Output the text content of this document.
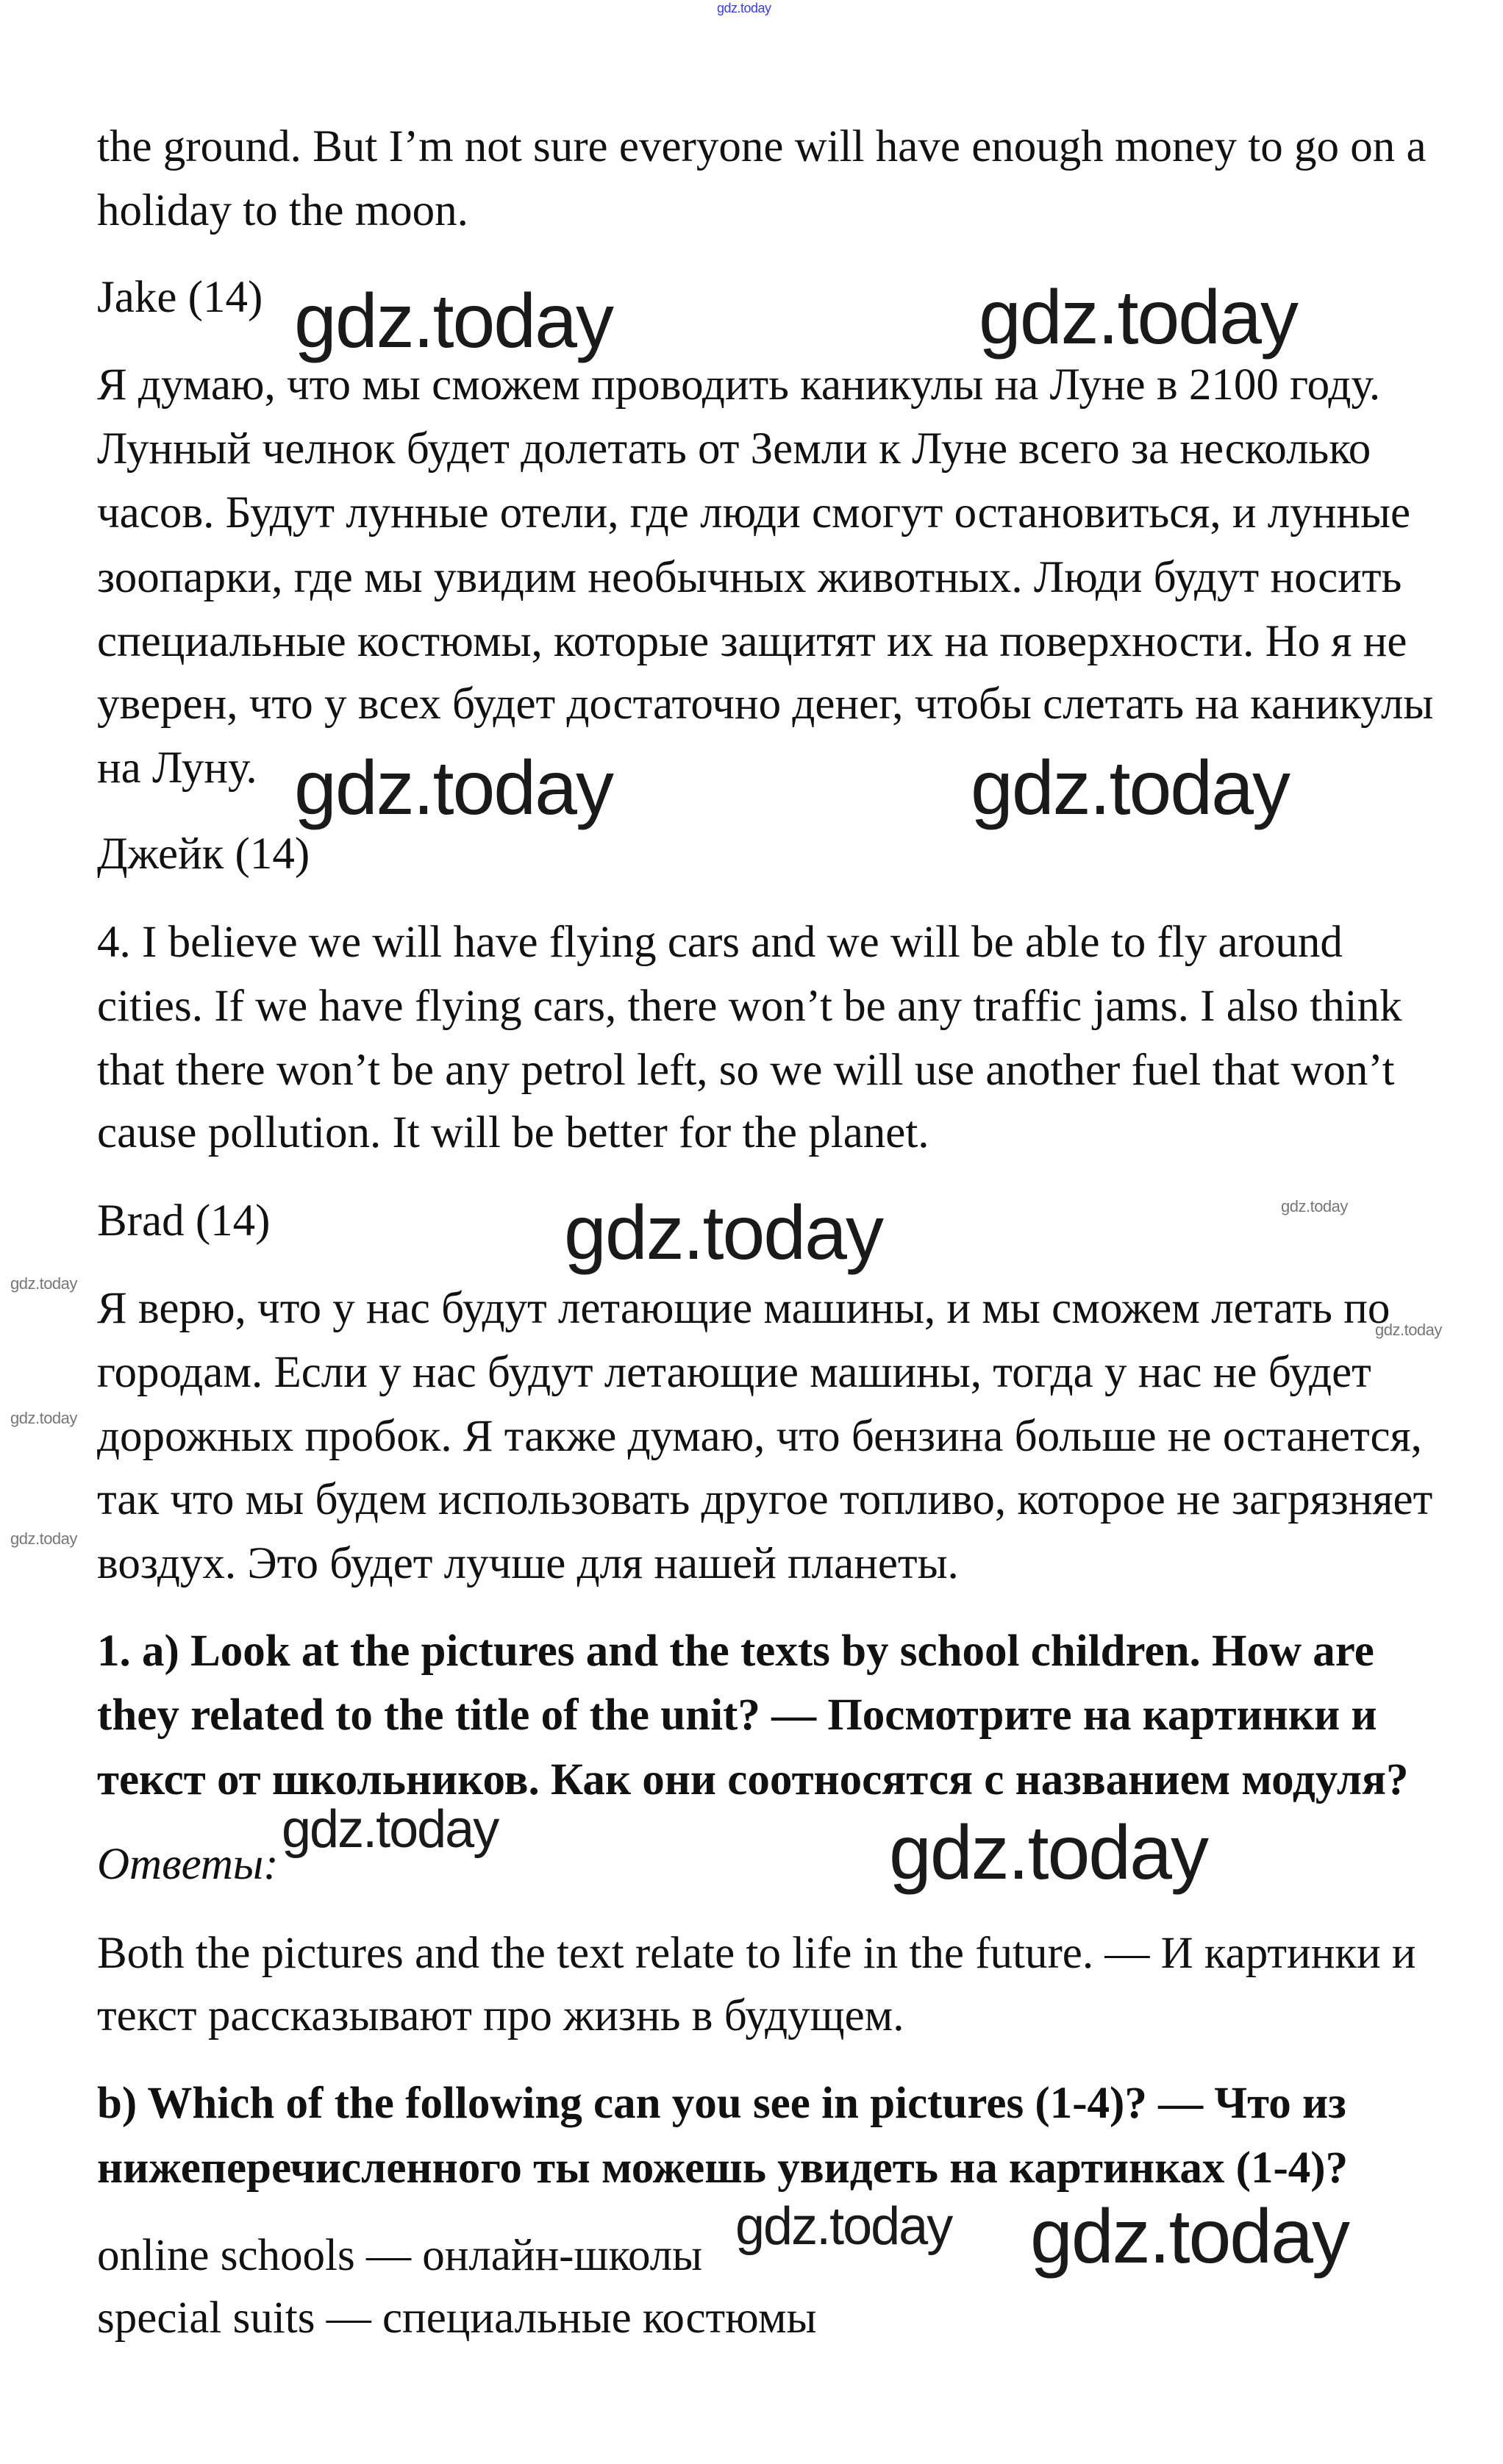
the ground. But I’m not sure everyone will have enough money to go on a
holiday to the moon.
Jake (14)
Я думаю, что мы сможем проводить каникулы на Луне в 2100 году.
Лунный челнок будет долетать от Земли к Луне всего за несколько
часов. Будут лунные отели, где люди смогут остановиться, и лунные
зоопарки, где мы увидим необычных животных. Люди будут носить
специальные костюмы, которые защитят их на поверхности. Но я не
уверен, что у всех будет достаточно денег, чтобы слетать на каникулы
на Луну.
Джейк (14)
4. I believe we will have flying cars and we will be able to fly around
cities. If we have flying cars, there won’t be any traffic jams. I also think
that there won’t be any petrol left, so we will use another fuel that won’t
cause pollution. It will be better for the planet.
Brad (14)
Я верю, что у нас будут летающие машины, и мы сможем летать по
городам. Если у нас будут летающие машины, тогда у нас не будет
дорожных пробок. Я также думаю, что бензина больше не останется,
так что мы будем использовать другое топливо, которое не загрязняет
воздух. Это будет лучше для нашей планеты.
1. a) Look at the pictures and the texts by school children. How are
they related to the title of the unit? — Посмотрите на картинки и
текст от школьников. Как они соотносятся с названием модуля?
Ответы:
Both the pictures and the text relate to life in the future. — И картинки и
текст рассказывают про жизнь в будущем.
b) Which of the following can you see in pictures (1-4)? — Что из
нижеперечисленного ты можешь увидеть на картинках (1-4)?
online schools — онлайн-школы
special suits — специальные костюмы
gdz.today
gdz.today	gdz.today
gdz.today	gdz.today
gdz.today
gdz.today	gdz.today
gdz.today gdz.today
gdz.today
gdz.today
gdz.today
gdz.today
gdz.today
